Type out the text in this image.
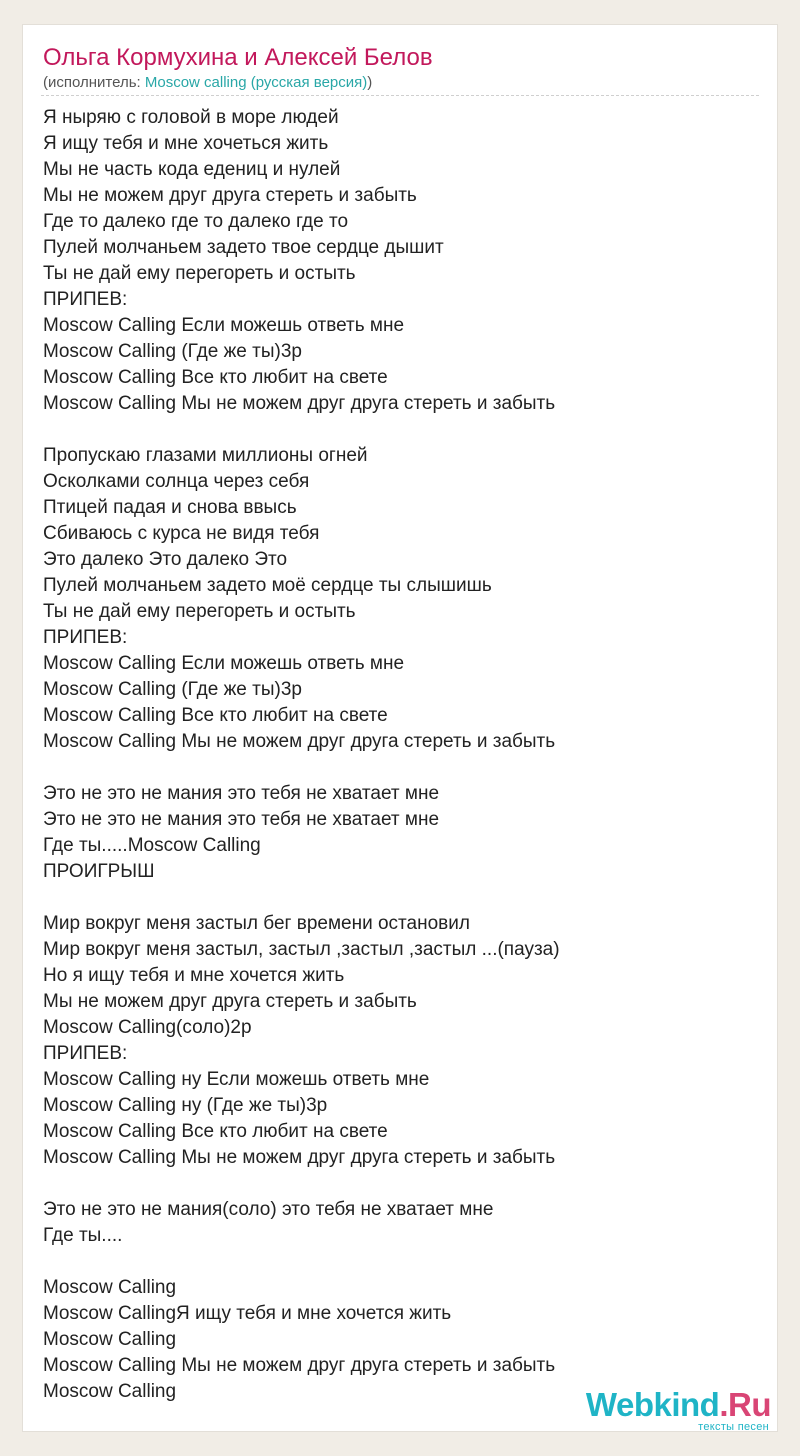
Ольга Кормухина и Алексей Белов
(исполнитель: Moscow calling (русская версия))
Я ныряю с головой в море людей
Я ищу тебя и мне хочеться жить
Мы не часть кода едениц и нулей
Мы не можем друг друга стереть и забыть
Где то далеко где то далеко где то
Пулей молчаньем задето твое сердце дышит
Ты не дай ему перегореть и остыть
ПРИПЕВ:
Moscow Calling Если можешь ответь мне
Moscow Calling (Где же ты)3р
Moscow Calling Все кто любит на свете
Moscow Calling Мы не можем друг друга стереть и забыть
Пропускаю глазами миллионы огней
Осколками солнца через себя
Птицей падая и снова ввысь
Сбиваюсь с курса не видя тебя
Это далеко Это далеко Это
Пулей молчаньем задето моё сердце ты слышишь
Ты не дай ему перегореть и остыть
ПРИПЕВ:
Moscow Calling Если можешь ответь мне
Moscow Calling (Где же ты)3р
Moscow Calling Все кто любит на свете
Moscow Calling Мы не можем друг друга стереть и забыть
Это не это не мания это тебя не хватает мне
Это не это не мания это тебя не хватает мне
Где ты.....Moscow Calling
ПРОИГРЫШ
Мир вокруг меня застыл бег времени остановил
Мир вокруг меня застыл, застыл ,застыл ,застыл ...(пауза)
Но я ищу тебя и мне хочется жить
Мы не можем друг друга стереть и забыть
Moscow Calling(соло)2р
ПРИПЕВ:
Moscow Calling ну Если можешь ответь мне
Moscow Calling ну (Где же ты)3р
Moscow Calling Все кто любит на свете
Moscow Calling Мы не можем друг друга стереть и забыть
Это не это не мания(соло) это тебя не хватает мне
Где ты....
Moscow Calling
Moscow CallingЯ ищу тебя и мне хочется жить
Moscow Calling
Moscow Calling Мы не можем друг друга стереть и забыть
Moscow Calling	Webkind.Ru
тексты песен
